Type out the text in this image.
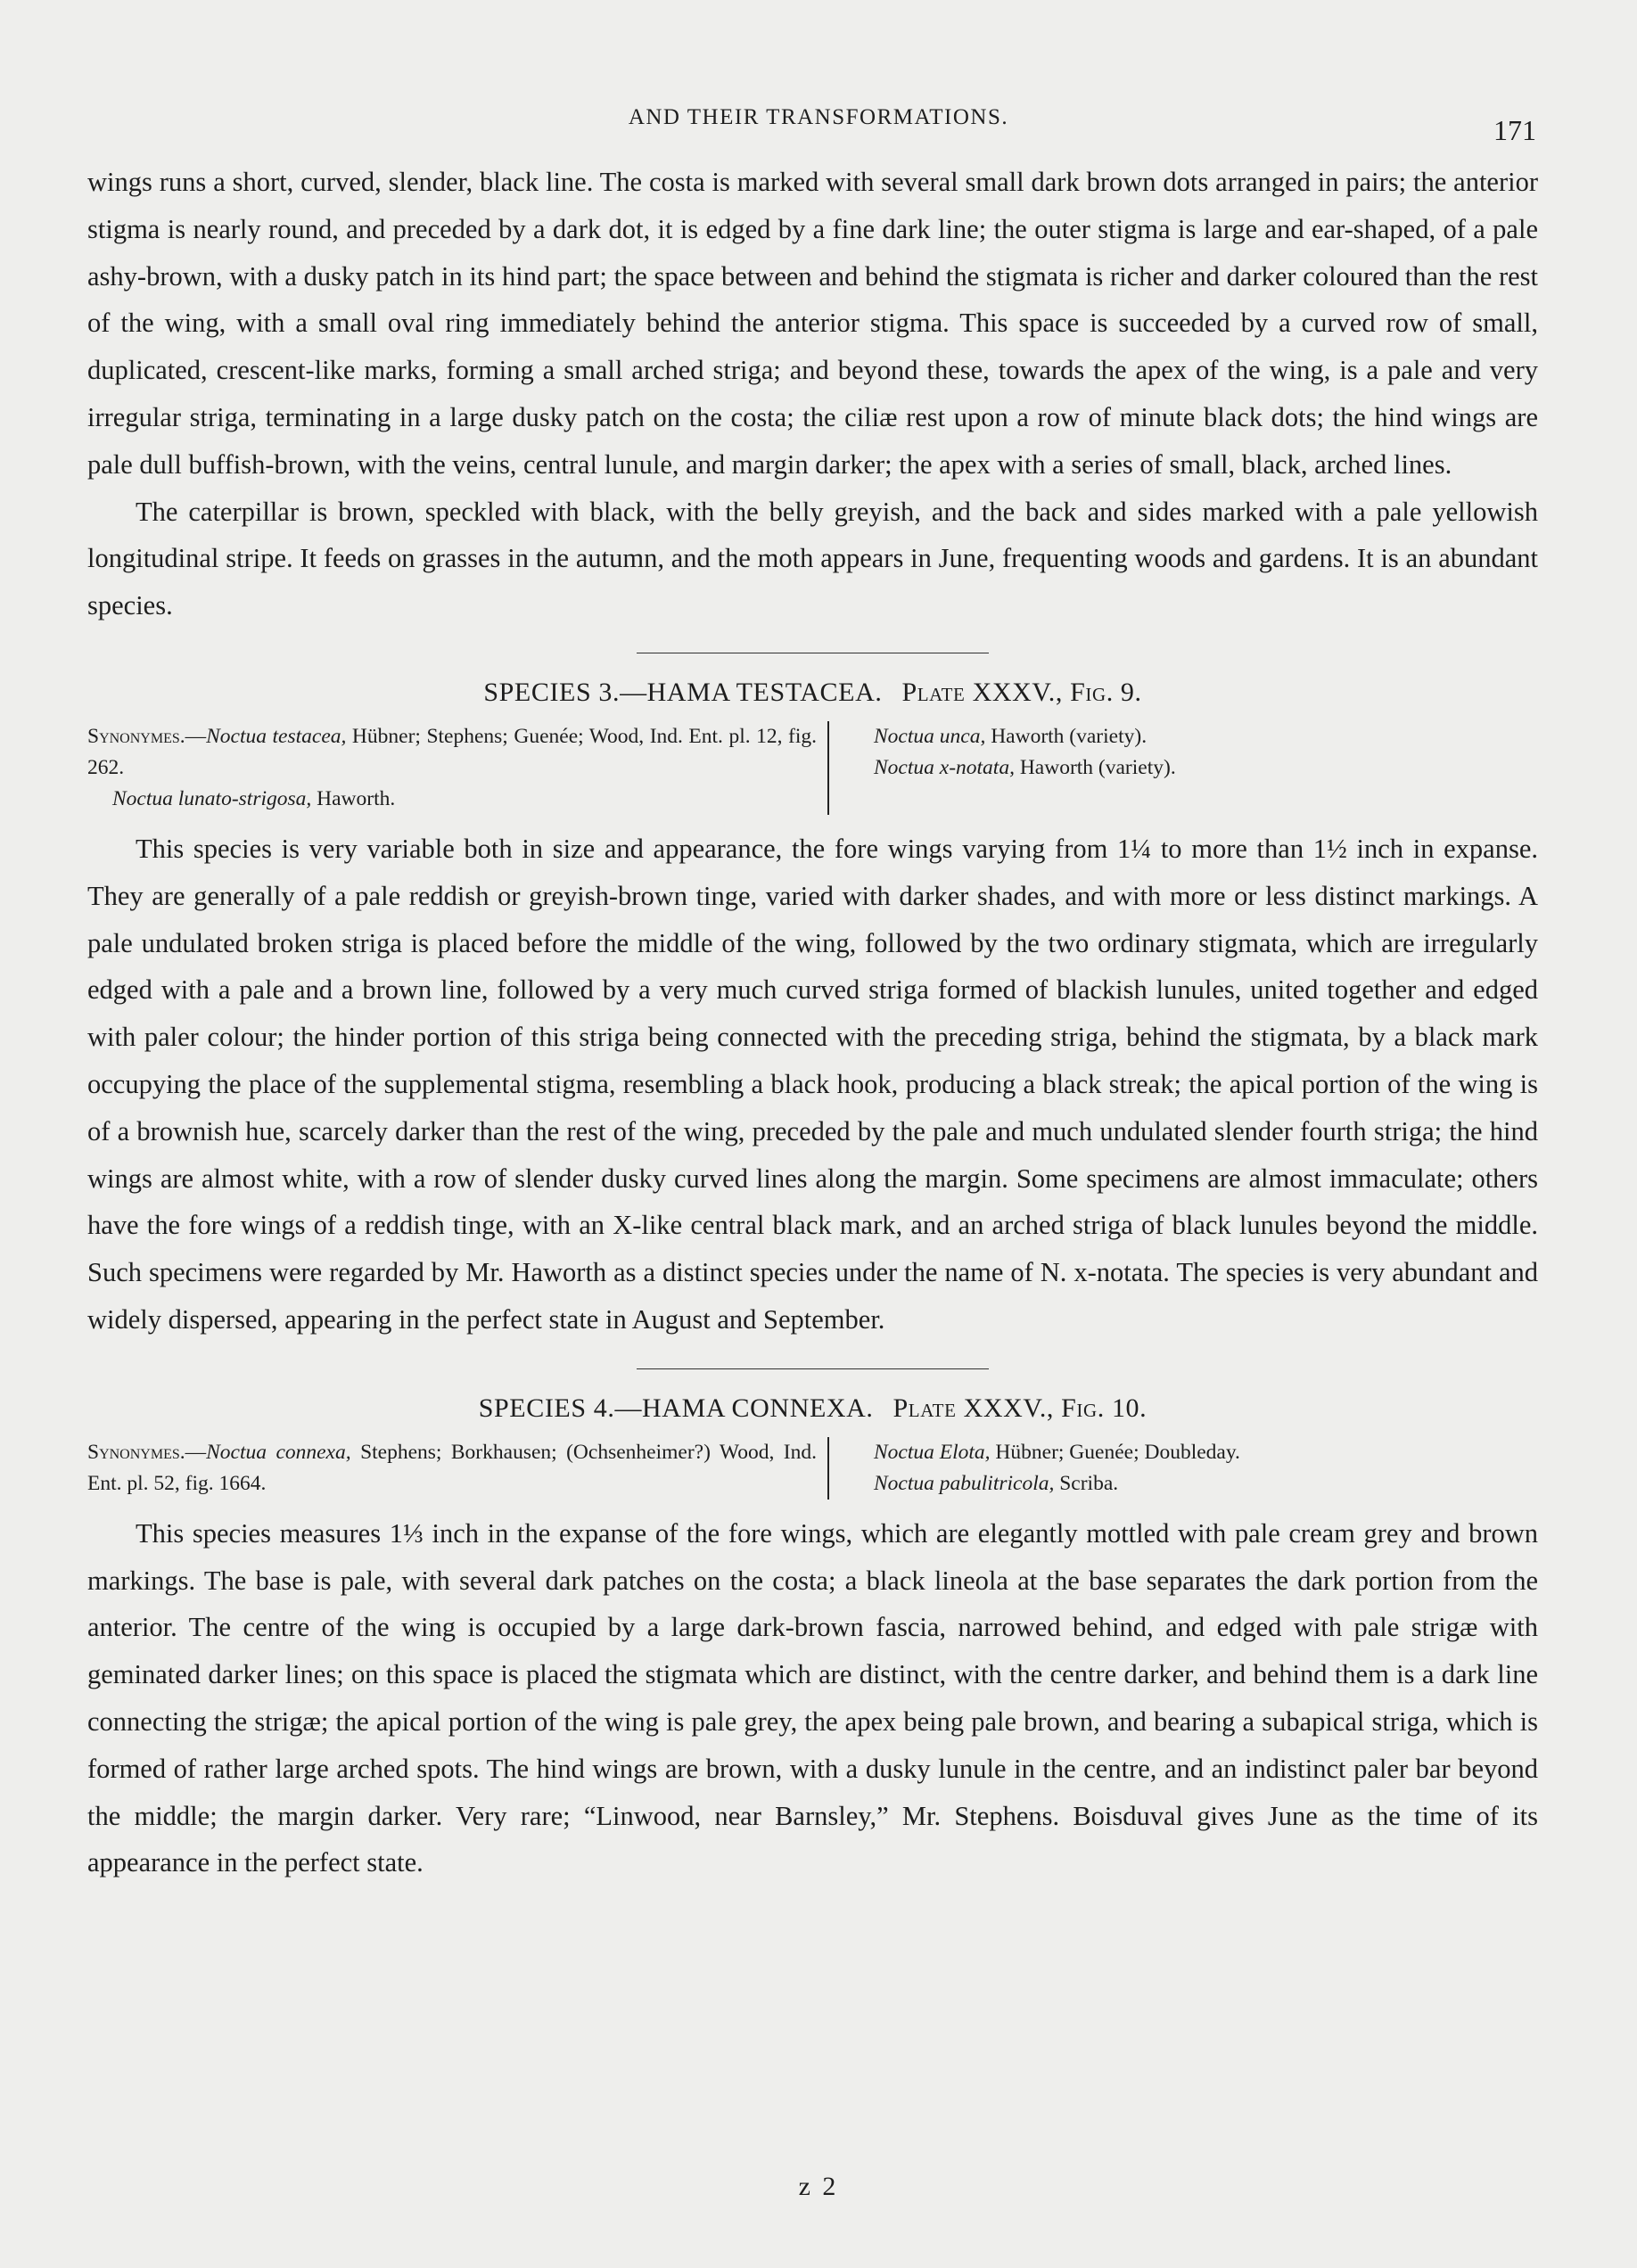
AND THEIR TRANSFORMATIONS.	171

wings runs a short, curved, slender, black line. The costa is marked with several small dark brown dots arranged in pairs; the anterior stigma is nearly round, and preceded by a dark dot, it is edged by a fine dark line; the outer stigma is large and ear-shaped, of a pale ashy-brown, with a dusky patch in its hind part; the space between and behind the stigmata is richer and darker coloured than the rest of the wing, with a small oval ring immediately behind the anterior stigma. This space is succeeded by a curved row of small, duplicated, crescent-like marks, forming a small arched striga; and beyond these, towards the apex of the wing, is a pale and very irregular striga, terminating in a large dusky patch on the costa; the ciliæ rest upon a row of minute black dots; the hind wings are pale dull buffish-brown, with the veins, central lunule, and margin darker; the apex with a series of small, black, arched lines.

The caterpillar is brown, speckled with black, with the belly greyish, and the back and sides marked with a pale yellowish longitudinal stripe. It feeds on grasses in the autumn, and the moth appears in June, frequenting woods and gardens. It is an abundant species.

SPECIES 3.—HAMA TESTACEA. Plate XXXV., Fig. 9.
Synonymes.—Noctua testacea, Hübner; Stephens; Guenée; Wood, Ind. Ent. pl. 12, fig. 262.
Noctua lunato-strigosa, Haworth.
Noctua unca, Haworth (variety).
Noctua x-notata, Haworth (variety).

This species is very variable both in size and appearance, the fore wings varying from 1¼ to more than 1½ inch in expanse. They are generally of a pale reddish or greyish-brown tinge, varied with darker shades, and with more or less distinct markings. A pale undulated broken striga is placed before the middle of the wing, followed by the two ordinary stigmata, which are irregularly edged with a pale and a brown line, followed by a very much curved striga formed of blackish lunules, united together and edged with paler colour; the hinder portion of this striga being connected with the preceding striga, behind the stigmata, by a black mark occupying the place of the supplemental stigma, resembling a black hook, producing a black streak; the apical portion of the wing is of a brownish hue, scarcely darker than the rest of the wing, preceded by the pale and much undulated slender fourth striga; the hind wings are almost white, with a row of slender dusky curved lines along the margin. Some specimens are almost immaculate; others have the fore wings of a reddish tinge, with an X-like central black mark, and an arched striga of black lunules beyond the middle. Such specimens were regarded by Mr. Haworth as a distinct species under the name of N. x-notata. The species is very abundant and widely dispersed, appearing in the perfect state in August and September.

SPECIES 4.—HAMA CONNEXA. Plate XXXV., Fig. 10.
Synonymes.—Noctua connexa, Stephens; Borkhausen; (Ochsenheimer?) Wood, Ind. Ent. pl. 52, fig. 1664.
Noctua Elota, Hübner; Guenée; Doubleday.
Noctua pabulitricola, Scriba.

This species measures 1⅓ inch in the expanse of the fore wings, which are elegantly mottled with pale cream grey and brown markings. The base is pale, with several dark patches on the costa; a black lineola at the base separates the dark portion from the anterior. The centre of the wing is occupied by a large dark-brown fascia, narrowed behind, and edged with pale strigæ with geminated darker lines; on this space is placed the stigmata which are distinct, with the centre darker, and behind them is a dark line connecting the strigæ; the apical portion of the wing is pale grey, the apex being pale brown, and bearing a subapical striga, which is formed of rather large arched spots. The hind wings are brown, with a dusky lunule in the centre, and an indistinct paler bar beyond the middle; the margin darker. Very rare; “Linwood, near Barnsley,” Mr. Stephens. Boisduval gives June as the time of its appearance in the perfect state.

z 2
